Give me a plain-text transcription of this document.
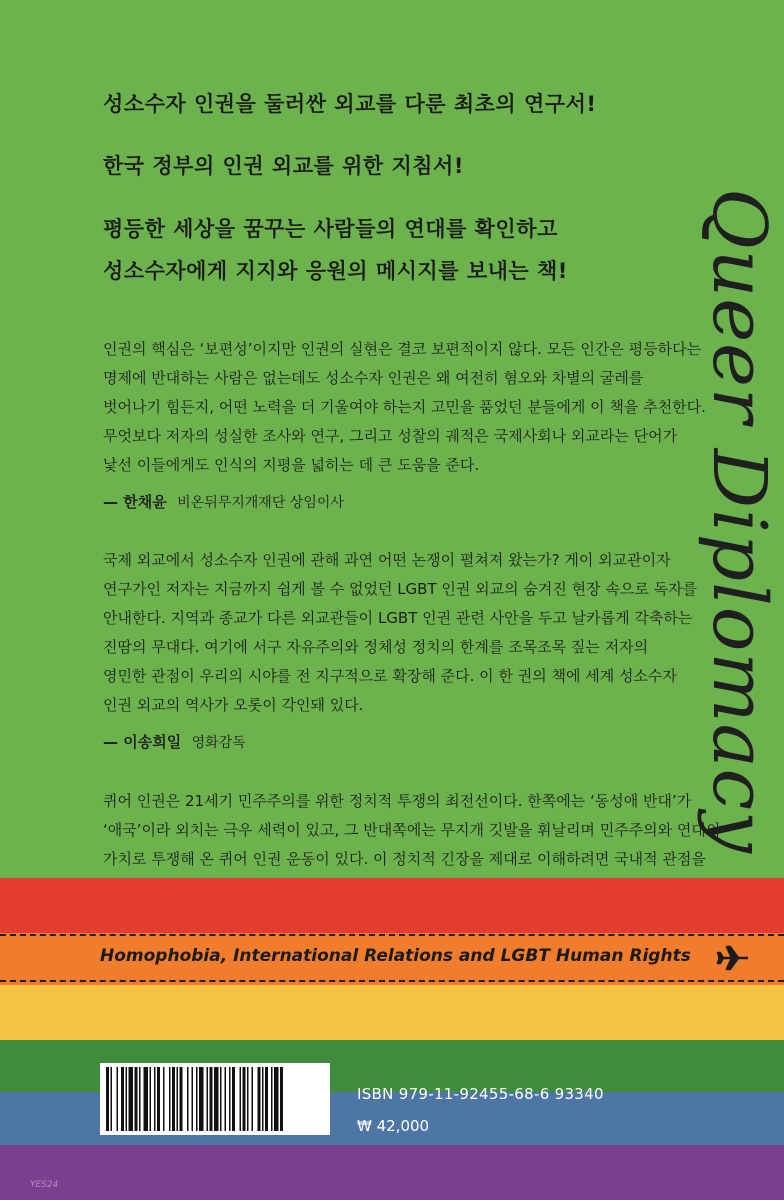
성소수자 인권을 둘러싼 외교를 다룬 최초의 연구서!
한국 정부의 인권 외교를 위한 지침서!
평등한 세상을 꿈꾸는 사람들의 연대를 확인하고
성소수자에게 지지와 응원의 메시지를 보내는 책! Queer Diplomacy

인권의 핵심은 ‘보편성’이지만 인권의 실현은 결코 보편적이지 않다. 모든 인간은 평등하다는
명제에 반대하는 사람은 없는데도 성소수자 인권은 왜 여전히 혐오와 차별의 굴레를
벗어나기 힘든지, 어떤 노력을 더 기울여야 하는지 고민을 품었던 분들에게 이 책을 추천한다.
무엇보다 저자의 성실한 조사와 연구, 그리고 성찰의 궤적은 국제사회나 외교라는 단어가
낯선 이들에게도 인식의 지평을 넓히는 데 큰 도움을 준다.

— 한채윤 비온뒤무지개재단 상임이사

국제 외교에서 성소수자 인권에 관해 과연 어떤 논쟁이 펼쳐져 왔는가? 게이 외교관이자
연구가인 저자는 지금까지 쉽게 볼 수 없었던 LGBT 인권 외교의 숨겨진 현장 속으로 독자를
안내한다. 지역과 종교가 다른 외교관들이 LGBT 인권 관련 사안을 두고 날카롭게 각축하는
진땀의 무대다. 여기에 서구 자유주의와 정체성 정치의 한계를 조목조목 짚는 저자의
영민한 관점이 우리의 시야를 전 지구적으로 확장해 준다. 이 한 권의 책에 세계 성소수자
인권 외교의 역사가 오롯이 각인돼 있다.

— 이송희일 영화감독

퀴어 인권은 21세기 민주주의를 위한 정치적 투쟁의 최전선이다. 한쪽에는 ‘동성애 반대’가
‘애국’이라 외치는 극우 세력이 있고, 그 반대쪽에는 무지개 깃발을 휘날리며 민주주의와 연대의
가치로 투쟁해 온 퀴어 인권 운동이 있다. 이 정치적 긴장을 제대로 이해하려면 국내적 관점을

Homophobia, International Relations and LGBT Human Rights
ISBN 979-11-92455-68-6 93340
₩ 42,000
YES24
